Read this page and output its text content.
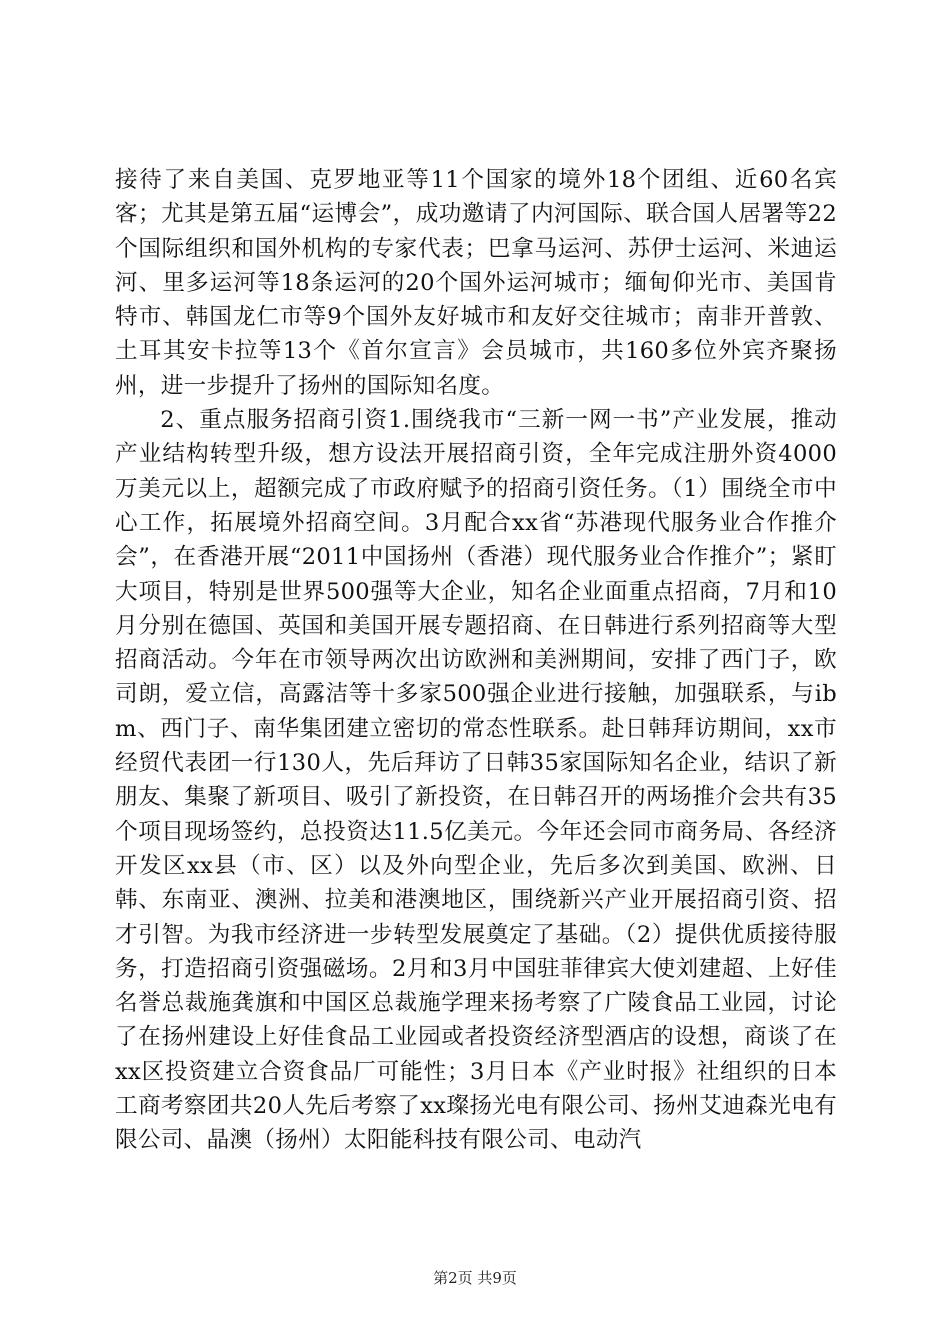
接待了来自美国、克罗地亚等11个国家的境外18个团组、近60名宾客；尤其是第五届“运博会”，成功邀请了内河国际、联合国人居署等22个国际组织和国外机构的专家代表；巴拿马运河、苏伊士运河、米迪运河、里多运河等18条运河的20个国外运河城市；缅甸仰光市、美国肯特市、韩国龙仁市等9个国外友好城市和友好交往城市；南非开普敦、土耳其安卡拉等13个《首尔宣言》会员城市，共160多位外宾齐聚扬州，进一步提升了扬州的国际知名度。

2、重点服务招商引资1.围绕我市“三新一网一书”产业发展，推动产业结构转型升级，想方设法开展招商引资，全年完成注册外资4000万美元以上，超额完成了市政府赋予的招商引资任务。（1）围绕全市中心工作，拓展境外招商空间。3月配合xx省“苏港现代服务业合作推介会”，在香港开展“2011中国扬州（香港）现代服务业合作推介”；紧盯大项目，特别是世界500强等大企业，知名企业面重点招商，7月和10月分别在德国、英国和美国开展专题招商、在日韩进行系列招商等大型招商活动。今年在市领导两次出访欧洲和美洲期间，安排了西门子，欧司朗，爱立信，高露洁等十多家500强企业进行接触，加强联系，与ibm、西门子、南华集团建立密切的常态性联系。赴日韩拜访期间，xx市经贸代表团一行130人，先后拜访了日韩35家国际知名企业，结识了新朋友、集聚了新项目、吸引了新投资，在日韩召开的两场推介会共有35个项目现场签约，总投资达11.5亿美元。今年还会同市商务局、各经济开发区xx县（市、区）以及外向型企业，先后多次到美国、欧洲、日韩、东南亚、澳洲、拉美和港澳地区，围绕新兴产业开展招商引资、招才引智。为我市经济进一步转型发展奠定了基础。（2）提供优质接待服务，打造招商引资强磁场。2月和3月中国驻菲律宾大使刘建超、上好佳名誉总裁施龚旗和中国区总裁施学理来扬考察了广陵食品工业园，讨论了在扬州建设上好佳食品工业园或者投资经济型酒店的设想，商谈了在xx区投资建立合资食品厂可能性；3月日本《产业时报》社组织的日本工商考察团共20人先后考察了xx璨扬光电有限公司、扬州艾迪森光电有限公司、晶澳（扬州）太阳能科技有限公司、电动汽

第2页 共9页
